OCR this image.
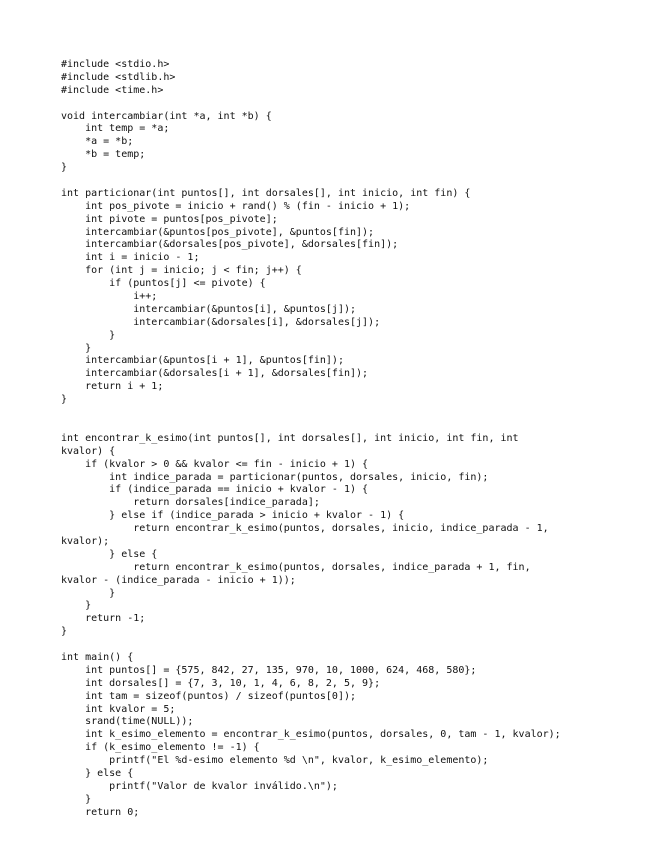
#include <stdio.h>
#include <stdlib.h>
#include <time.h>
void intercambiar(int *a, int *b) {
int temp = *a;
*a = *b;
*b = temp;
}
int particionar(int puntos[], int dorsales[], int inicio, int fin) {
int pos_pivote = inicio + rand() % (fin - inicio + 1);
int pivote = puntos[pos_pivote];
intercambiar(&puntos[pos_pivote], &puntos[fin]);
intercambiar(&dorsales[pos_pivote], &dorsales[fin]);
int i = inicio - 1;
for (int j = inicio; j < fin; j++) {
if (puntos[j] <= pivote) {
i++;
intercambiar(&puntos[i], &puntos[j]);
intercambiar(&dorsales[i], &dorsales[j]);
}
}
intercambiar(&puntos[i + 1], &puntos[fin]);
intercambiar(&dorsales[i + 1], &dorsales[fin]);
return i + 1;
}
int encontrar_k_esimo(int puntos[], int dorsales[], int inicio, int fin, int
kvalor) {
if (kvalor > 0 && kvalor <= fin - inicio + 1) {
int indice_parada = particionar(puntos, dorsales, inicio, fin);
if (indice_parada == inicio + kvalor - 1) {
return dorsales[indice_parada];
} else if (indice_parada > inicio + kvalor - 1) {
return encontrar_k_esimo(puntos, dorsales, inicio, indice_parada - 1,
kvalor);
} else {
return encontrar_k_esimo(puntos, dorsales, indice_parada + 1, fin,
kvalor - (indice_parada - inicio + 1));
}
}
return -1;
}
int main() {
int puntos[] = {575, 842, 27, 135, 970, 10, 1000, 624, 468, 580};
int dorsales[] = {7, 3, 10, 1, 4, 6, 8, 2, 5, 9};
int tam = sizeof(puntos) / sizeof(puntos[0]);
int kvalor = 5;
srand(time(NULL));
int k_esimo_elemento = encontrar_k_esimo(puntos, dorsales, 0, tam - 1, kvalor);
if (k_esimo_elemento != -1) {
printf("El %d-esimo elemento %d \n", kvalor, k_esimo_elemento);
} else {
printf("Valor de kvalor inválido.\n");
}
return 0;
